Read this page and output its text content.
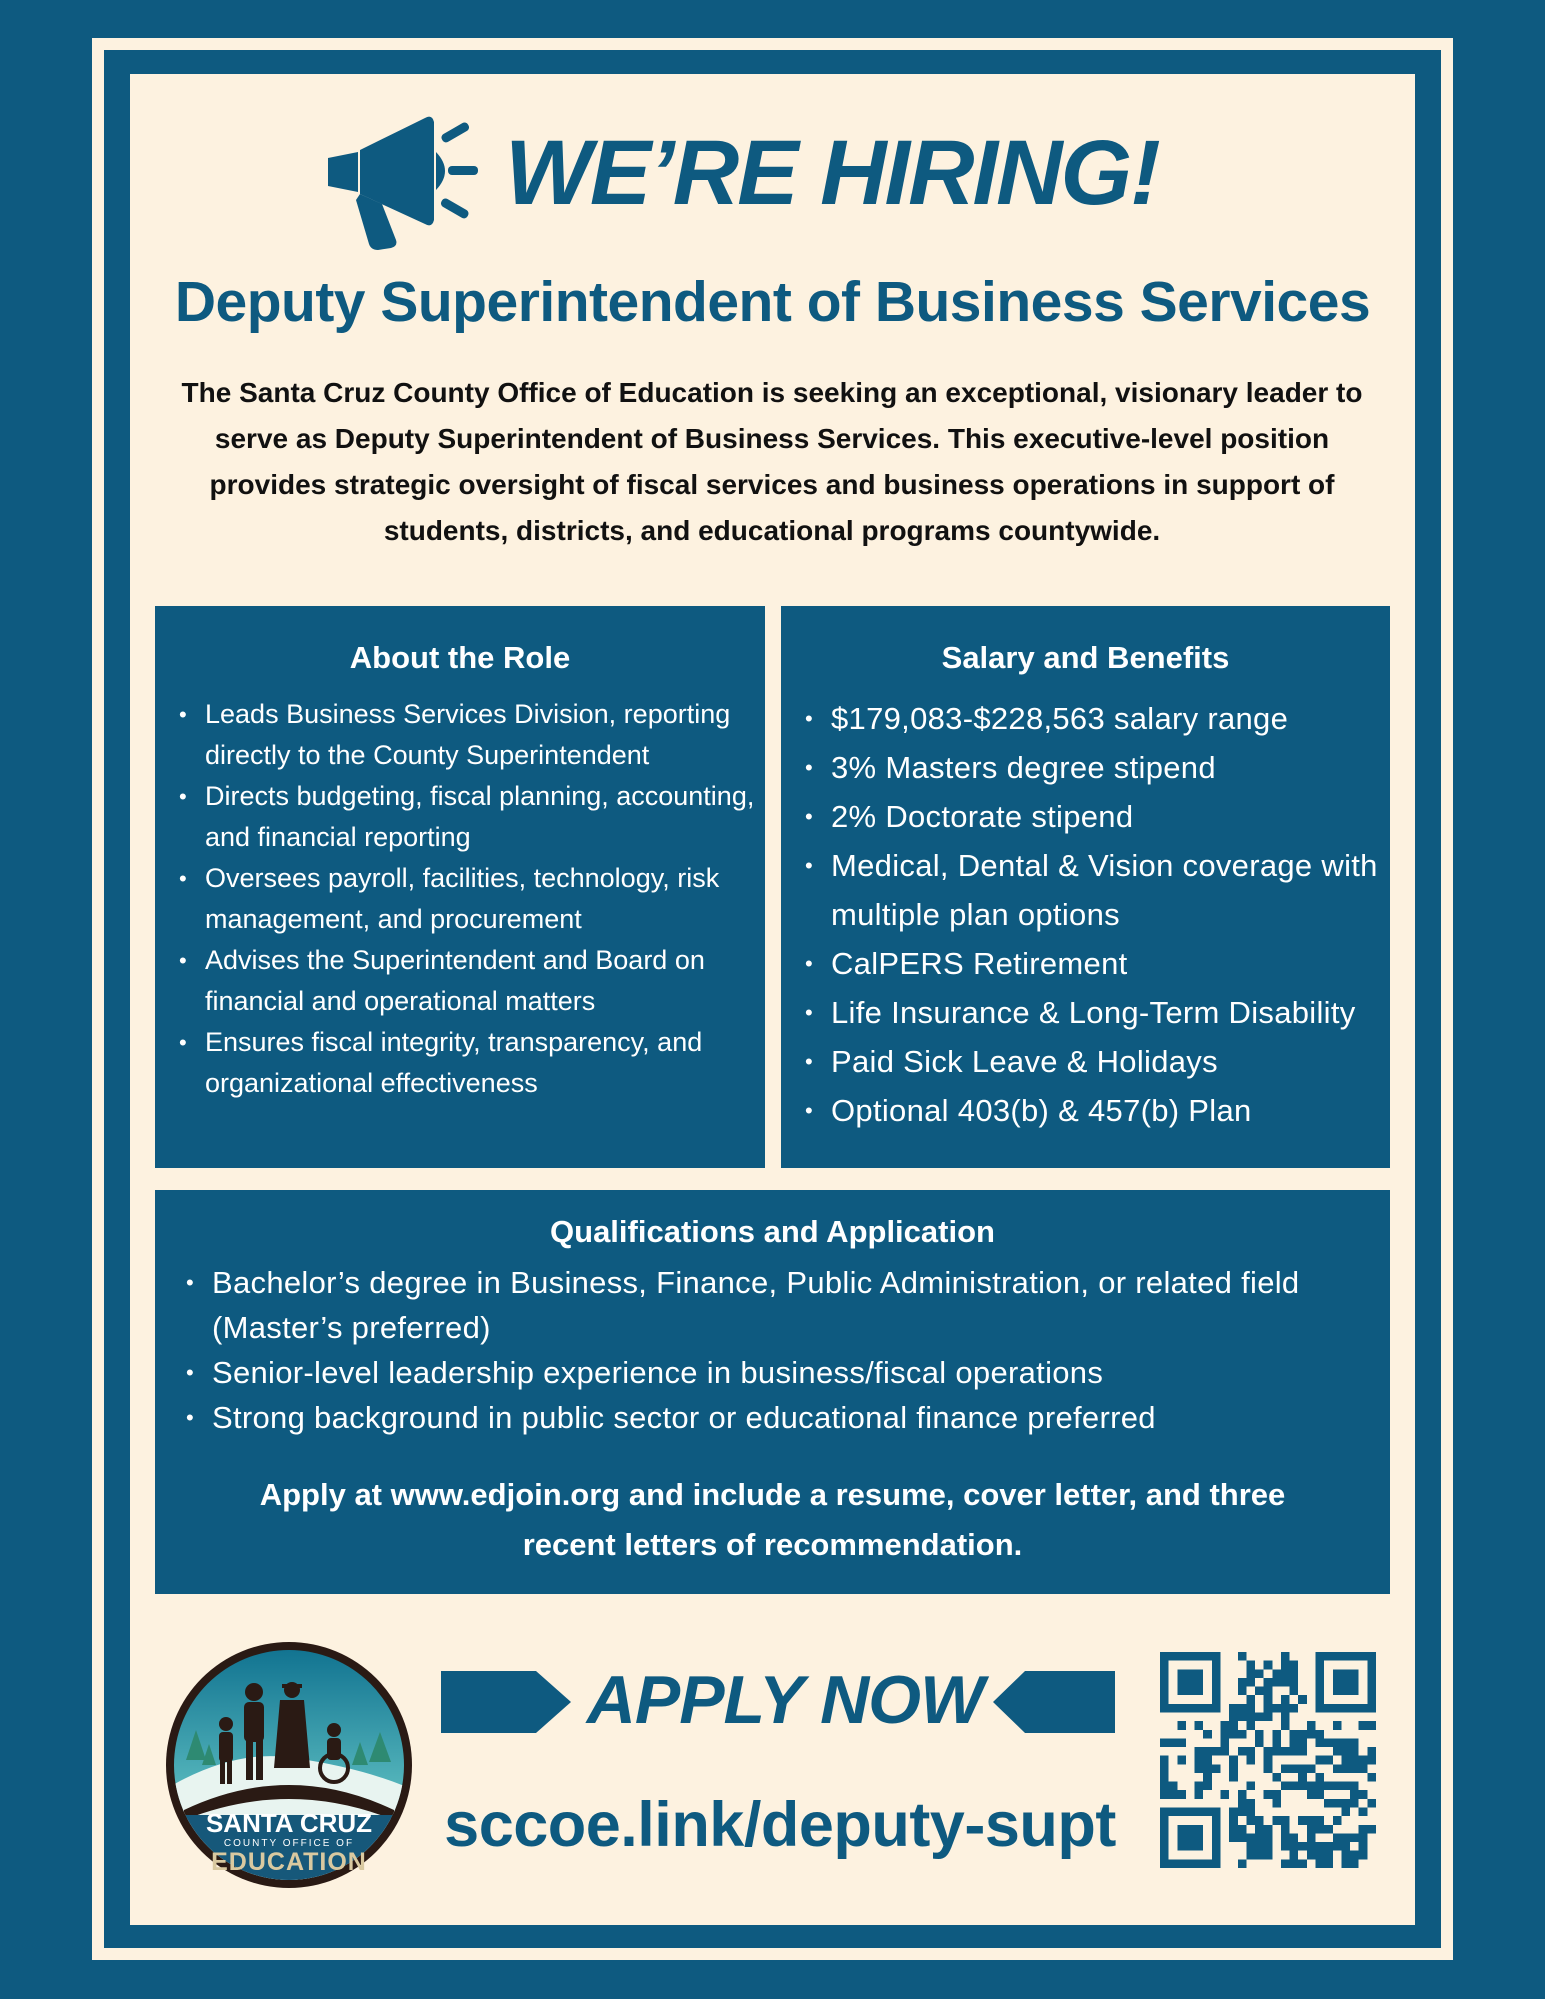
WE’RE HIRING!
Deputy Superintendent of Business Services
The Santa Cruz County Office of Education is seeking an exceptional, visionary leader to serve as Deputy Superintendent of Business Services. This executive-level position provides strategic oversight of fiscal services and business operations in support of students, districts, and educational programs countywide.
About the Role
• Leads Business Services Division, reporting directly to the County Superintendent
• Directs budgeting, fiscal planning, accounting, and financial reporting
• Oversees payroll, facilities, technology, risk management, and procurement
• Advises the Superintendent and Board on financial and operational matters
• Ensures fiscal integrity, transparency, and organizational effectiveness
Salary and Benefits
• $179,083-$228,563 salary range
• 3% Masters degree stipend
• 2% Doctorate stipend
• Medical, Dental & Vision coverage with multiple plan options
• CalPERS Retirement
• Life Insurance & Long-Term Disability
• Paid Sick Leave & Holidays
• Optional 403(b) & 457(b) Plan
Qualifications and Application
• Bachelor’s degree in Business, Finance, Public Administration, or related field (Master’s preferred)
• Senior-level leadership experience in business/fiscal operations
• Strong background in public sector or educational finance preferred
Apply at www.edjoin.org and include a resume, cover letter, and three recent letters of recommendation.
SANTA CRUZ
COUNTY OFFICE OF
EDUCATION
APPLY NOW
sccoe.link/deputy-supt
